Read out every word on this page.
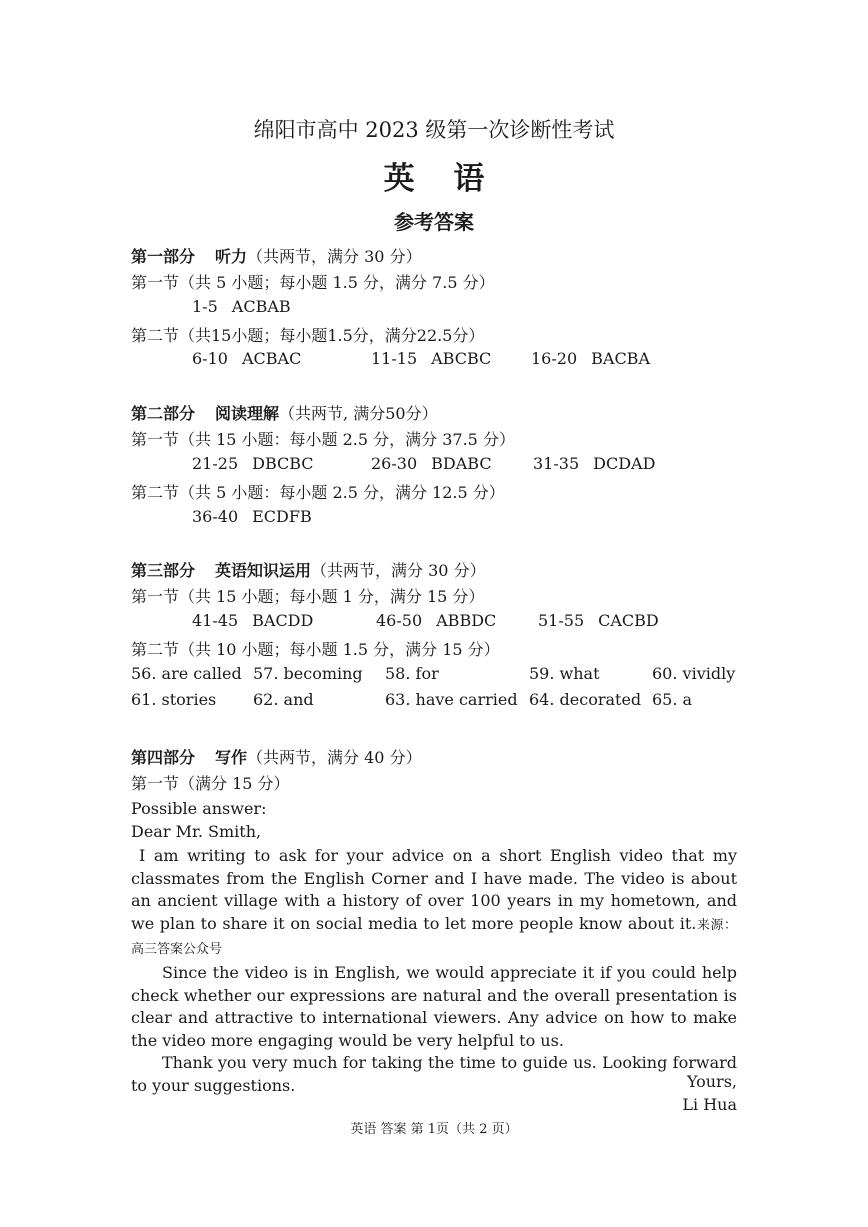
绵阳市高中 2023 级第一次诊断性考试
英 语
参考答案
第一部分 听力（共两节，满分 30 分）
第一节（共 5 小题；每小题 1.5 分，满分 7.5 分）
1-5 ACBAB
第二节（共15小题；每小题1.5分，满分22.5分）
6-10 ACBAC	11-15 ABCBC 16-20 BACBA
第二部分 阅读理解（共两节, 满分50分）
第一节（共 15 小题：每小题 2.5 分，满分 37.5 分）
21-25 DBCBC	26-30 BDABC	31-35 DCDAD
第二节（共 5 小题：每小题 2.5 分，满分 12.5 分）
36-40 ECDFB
第三部分 英语知识运用（共两节，满分 30 分）
第一节（共 15 小题；每小题 1 分，满分 15 分）
41-45 BACDD	46-50 ABBDC	51-55 CACBD
第二节（共 10 小题；每小题 1.5 分，满分 15 分）
56. are called 57. becoming 58. for	59. what	60. vividly
61. stories 62. and	63. have carried 64. decorated 65. a
第四部分 写作（共两节，满分 40 分）
第一节（满分 15 分）
Possible answer:
Dear Mr. Smith,

I am writing to ask for your advice on a short English video that my classmates from the English Corner and I have made. The video is about an ancient village with a history of over 100 years in my hometown, and we plan to share it on social media to let more people know about it.来源：高三答案公众号

Since the video is in English, we would appreciate it if you could help check whether our expressions are natural and the overall presentation is clear and attractive to international viewers. Any advice on how to make the video more engaging would be very helpful to us.

Thank you very much for taking the time to guide us. Looking forward to your suggestions.	Yours,
Li Hua
英语 答案 第 1页（共 2 页）
